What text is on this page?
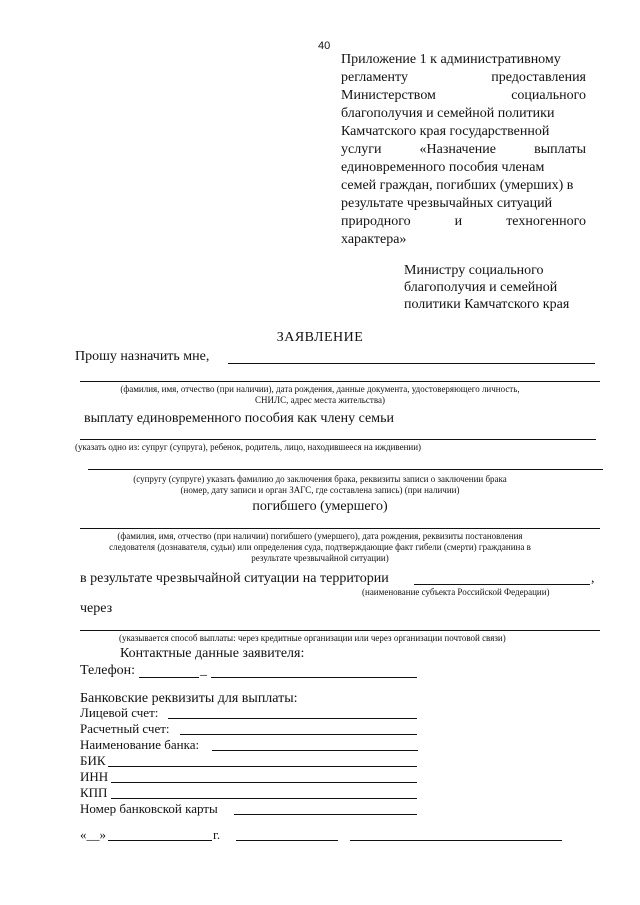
40
Приложение 1 к административному
регламенту	предоставления
Министерством	социального
благополучия и семейной политики
Камчатского края государственной
услуги	«Назначение	выплаты
единовременного пособия членам
семей граждан, погибших (умерших) в
результате чрезвычайных ситуаций
природного	и	техногенного
характера»
Министру социального
благополучия и семейной
политики Камчатского края
ЗАЯВЛЕНИЕ
Прошу назначить мне,
(фамилия, имя, отчество (при наличии), дата рождения, данные документа, удостоверяющего личность,
СНИЛС, адрес места жительства)
выплату единовременного пособия как члену семьи
(указать одно из: супруг (супруга), ребенок, родитель, лицо, находившееся на иждивении)
(супругу (супруге) указать фамилию до заключения брака, реквизиты записи о заключении брака
(номер, дату записи и орган ЗАГС, где составлена запись) (при наличии)
погибшего (умершего)
(фамилия, имя, отчество (при наличии) погибшего (умершего), дата рождения, реквизиты постановления
следователя (дознавателя, судьи) или определения суда, подтверждающие факт гибели (смерти) гражданина в
результате чрезвычайной ситуации)
в результате чрезвычайной ситуации на территории	,
(наименование субъекта Российской Федерации)
через
(указывается способ выплаты: через кредитные организации или через организации почтовой связи)
Контактные данные заявителя:
Телефон:	_
Банковские реквизиты для выплаты:
Лицевой счет:
Расчетный счет:
Наименование банка:
БИК
ИНН
КПП
Номер банковской карты
«__»	г.
